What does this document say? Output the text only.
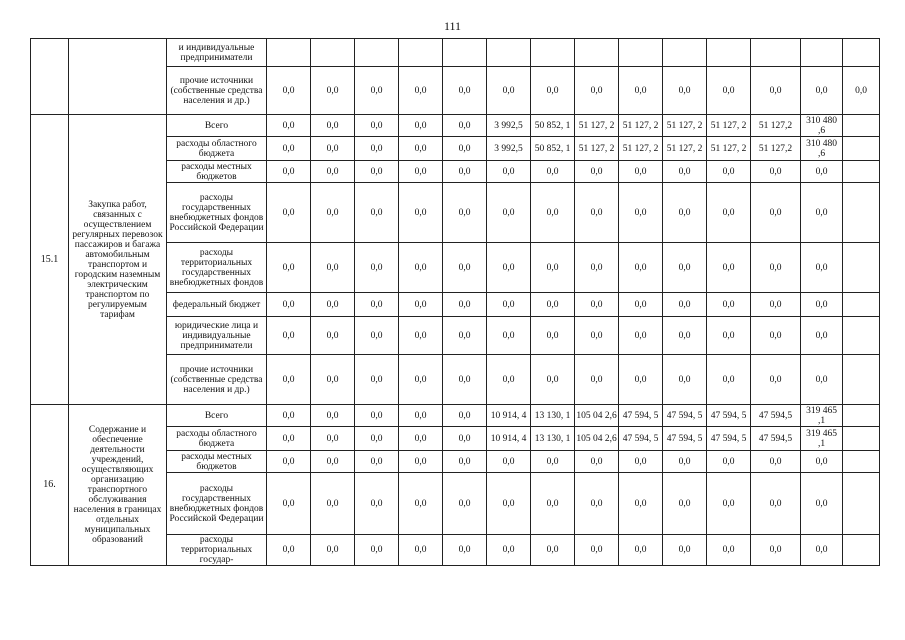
111
		и индивидуальные предприниматели														
		прочие источники (собственные средства населения и др.)	0,0	0,0	0,0	0,0	0,0	0,0	0,0	0,0	0,0	0,0	0,0	0,0	0,0	0,0
15.1	Закупка работ, связанных с осуществлением регулярных перевозок пассажиров и багажа автомобильным транспортом и городским наземным электрическим транспортом по регулируемым тарифам	Всего	0,0	0,0	0,0	0,0	0,0	3 992,5	50 852, 1	51 127, 2	51 127, 2	51 127, 2	51 127, 2	51 127,2	310 480 ,6	
		расходы областного бюджета	0,0	0,0	0,0	0,0	0,0	3 992,5	50 852, 1	51 127, 2	51 127, 2	51 127, 2	51 127, 2	51 127,2	310 480 ,6	
		расходы местных бюджетов	0,0	0,0	0,0	0,0	0,0	0,0	0,0	0,0	0,0	0,0	0,0	0,0	0,0	
		расходы государственных внебюджетных фондов Российской Федерации	0,0	0,0	0,0	0,0	0,0	0,0	0,0	0,0	0,0	0,0	0,0	0,0	0,0	
		расходы территориальных государственных внебюджетных фондов	0,0	0,0	0,0	0,0	0,0	0,0	0,0	0,0	0,0	0,0	0,0	0,0	0,0	
		федеральный бюджет	0,0	0,0	0,0	0,0	0,0	0,0	0,0	0,0	0,0	0,0	0,0	0,0	0,0	
		юридические лица и индивидуальные предприниматели	0,0	0,0	0,0	0,0	0,0	0,0	0,0	0,0	0,0	0,0	0,0	0,0	0,0	
		прочие источники (собственные средства населения и др.)	0,0	0,0	0,0	0,0	0,0	0,0	0,0	0,0	0,0	0,0	0,0	0,0	0,0	
16.	Содержание и обеспечение деятельности учреждений, осуществляющих организацию транспортного обслуживания населения в границах отдельных муниципальных образований	Всего	0,0	0,0	0,0	0,0	0,0	10 914, 4	13 130, 1	105 04 2,6	47 594, 5	47 594, 5	47 594, 5	47 594,5	319 465 ,1	
		расходы областного бюджета	0,0	0,0	0,0	0,0	0,0	10 914, 4	13 130, 1	105 04 2,6	47 594, 5	47 594, 5	47 594, 5	47 594,5	319 465 ,1	
		расходы местных бюджетов	0,0	0,0	0,0	0,0	0,0	0,0	0,0	0,0	0,0	0,0	0,0	0,0	0,0	
		расходы государственных внебюджетных фондов Российской Федерации	0,0	0,0	0,0	0,0	0,0	0,0	0,0	0,0	0,0	0,0	0,0	0,0	0,0	
		расходы территориальных государ-	0,0	0,0	0,0	0,0	0,0	0,0	0,0	0,0	0,0	0,0	0,0	0,0	0,0	
